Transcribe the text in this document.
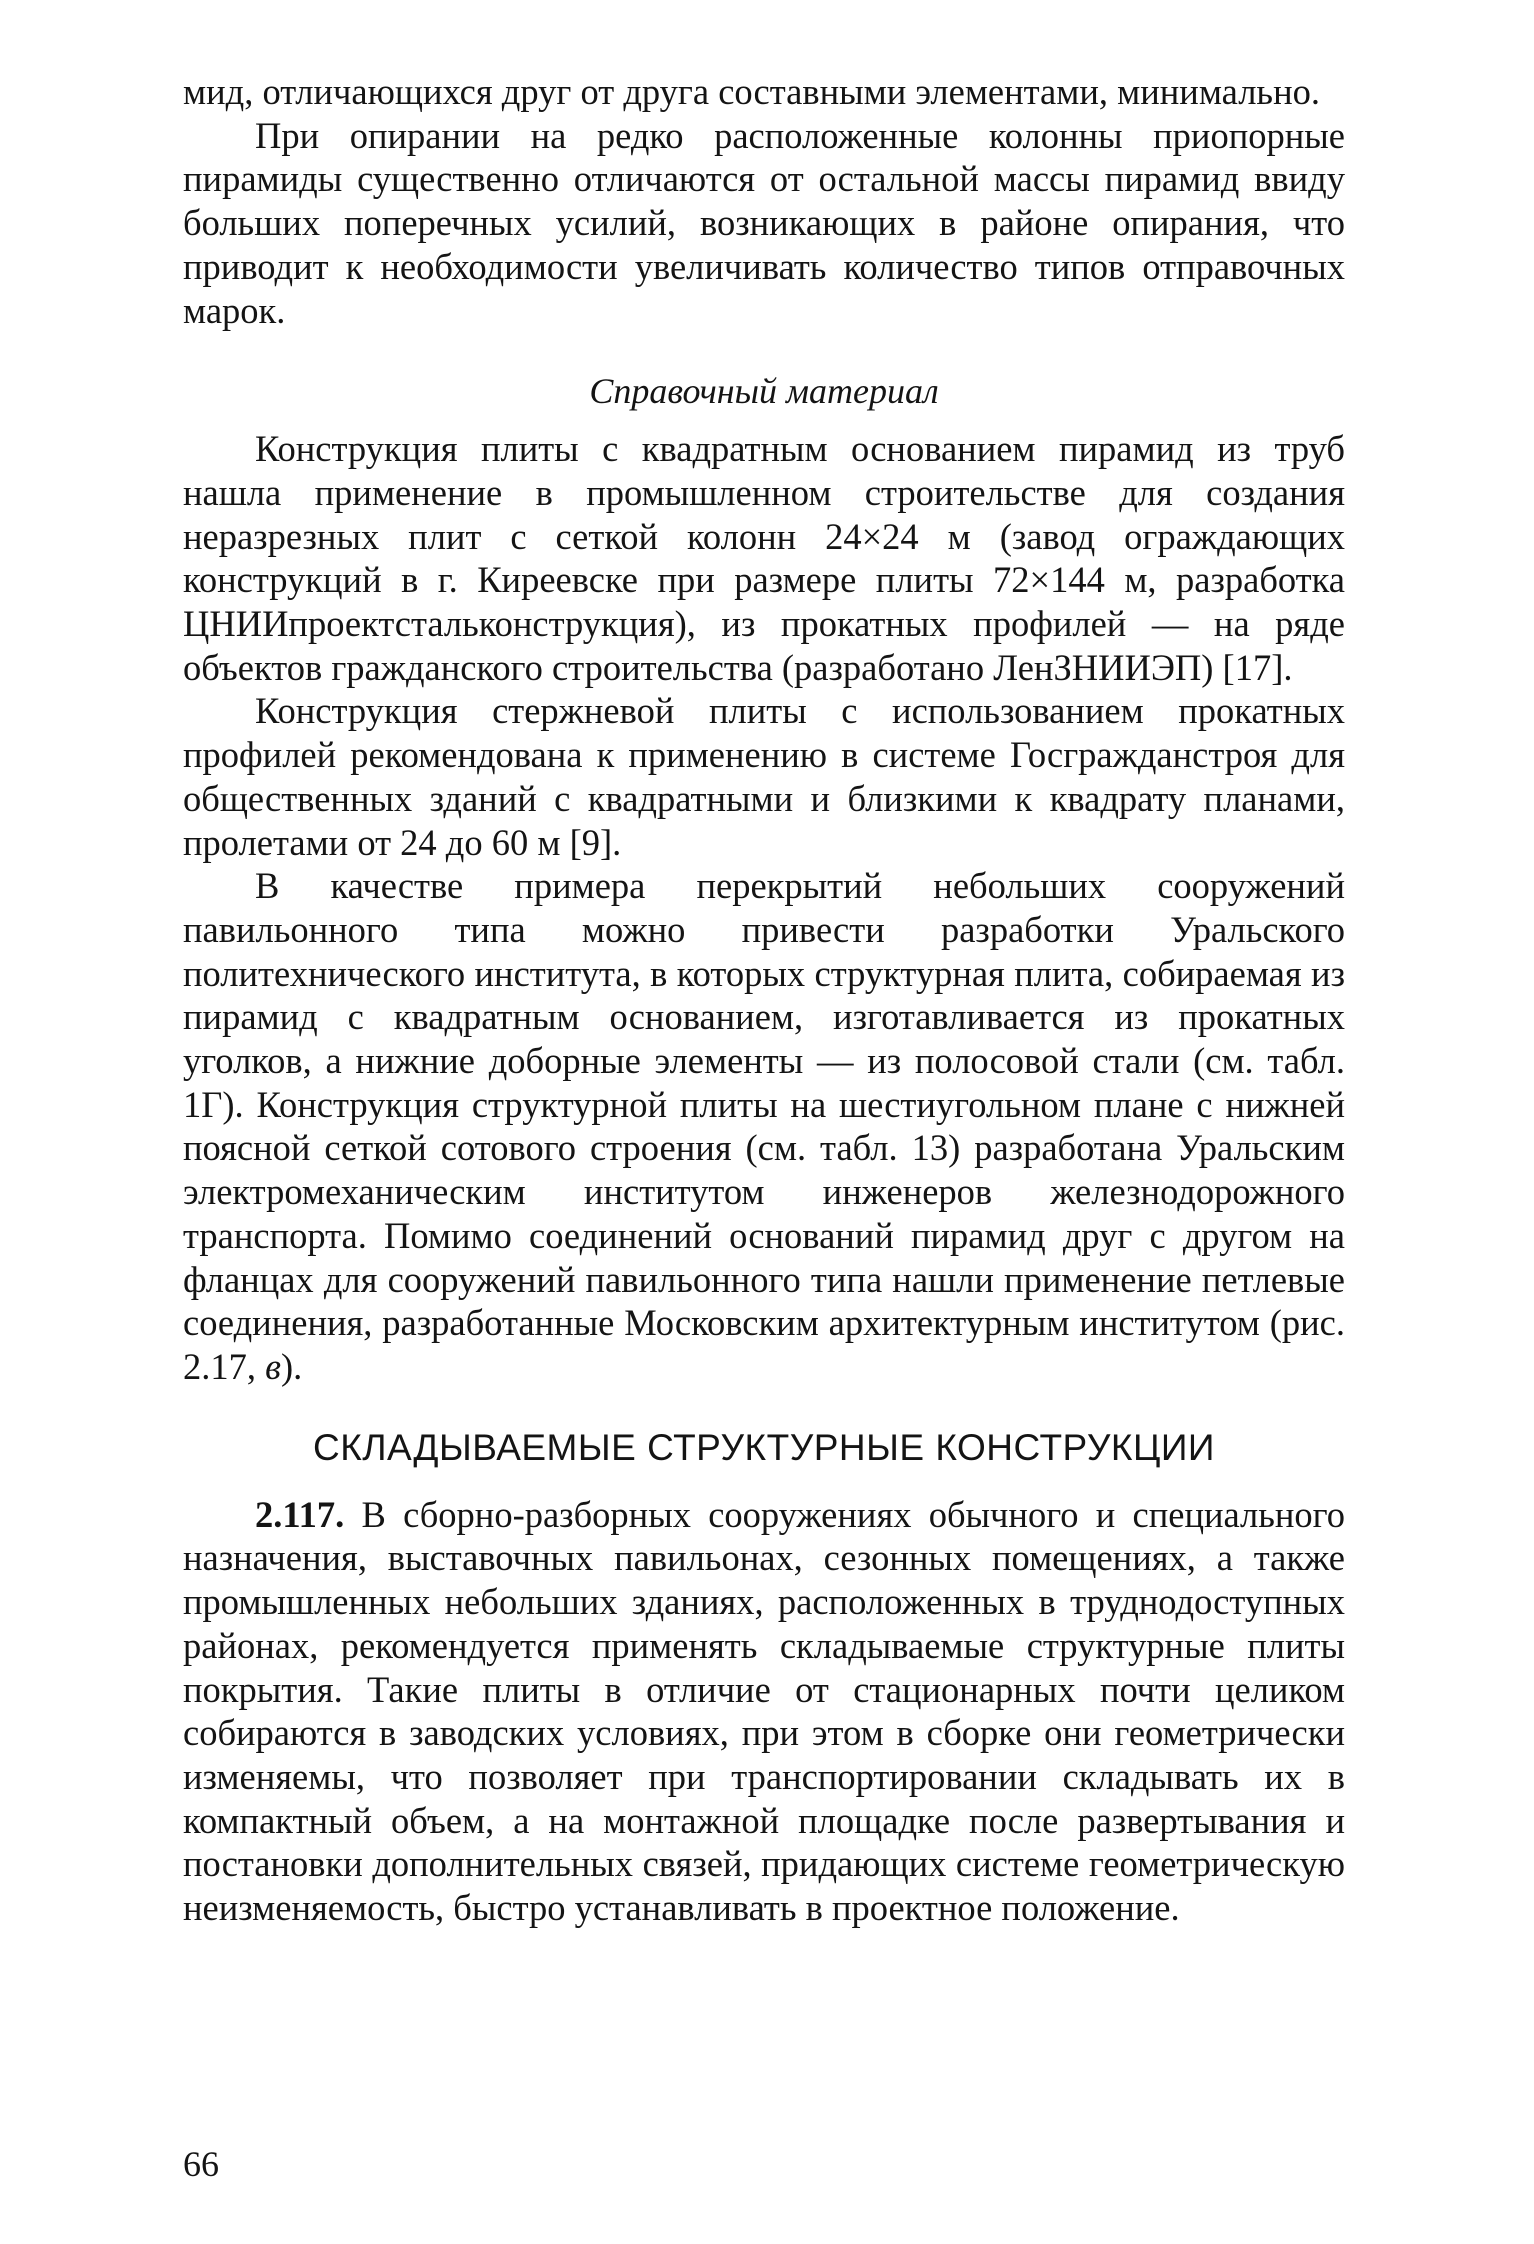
мид, отличающихся друг от друга составными элементами, минимально.

При опирании на редко расположенные колонны приопорные пирамиды существенно отличаются от остальной массы пирамид ввиду больших поперечных усилий, возникающих в районе опирания, что приводит к необходимости увеличивать количество типов отправочных марок.

Справочный материал

Конструкция плиты с квадратным основанием пирамид из труб нашла применение в промышленном строительстве для создания неразрезных плит с сеткой колонн 24×24 м (завод ограждающих конструкций в г. Киреевске при размере плиты 72×144 м, разработка ЦНИИпроектстальконструкция), из прокатных профилей — на ряде объектов гражданского строительства (разработано ЛенЗНИИЭП) [17].

Конструкция стержневой плиты с использованием прокатных профилей рекомендована к применению в системе Госгражданстроя для общественных зданий с квадратными и близкими к квадрату планами, пролетами от 24 до 60 м [9].

В качестве примера перекрытий небольших сооружений павильонного типа можно привести разработки Уральского политехнического института, в которых структурная плита, собираемая из пирамид с квадратным основанием, изготавливается из прокатных уголков, а нижние доборные элементы — из полосовой стали (см. табл. 1Г). Конструкция структурной плиты на шестиугольном плане с нижней поясной сеткой сотового строения (см. табл. 13) разработана Уральским электромеханическим институтом инженеров железнодорожного транспорта. Помимо соединений оснований пирамид друг с другом на фланцах для сооружений павильонного типа нашли применение петлевые соединения, разработанные Московским архитектурным институтом (рис. 2.17, в).

СКЛАДЫВАЕМЫЕ СТРУКТУРНЫЕ КОНСТРУКЦИИ

2.117. В сборно-разборных сооружениях обычного и специального назначения, выставочных павильонах, сезонных помещениях, а также промышленных небольших зданиях, расположенных в труднодоступных районах, рекомендуется применять складываемые структурные плиты покрытия. Такие плиты в отличие от стационарных почти целиком собираются в заводских условиях, при этом в сборке они геометрически изменяемы, что позволяет при транспортировании складывать их в компактный объем, а на монтажной площадке после развертывания и постановки дополнительных связей, придающих системе геометрическую неизменяемость, быстро устанавливать в проектное положение.

66
